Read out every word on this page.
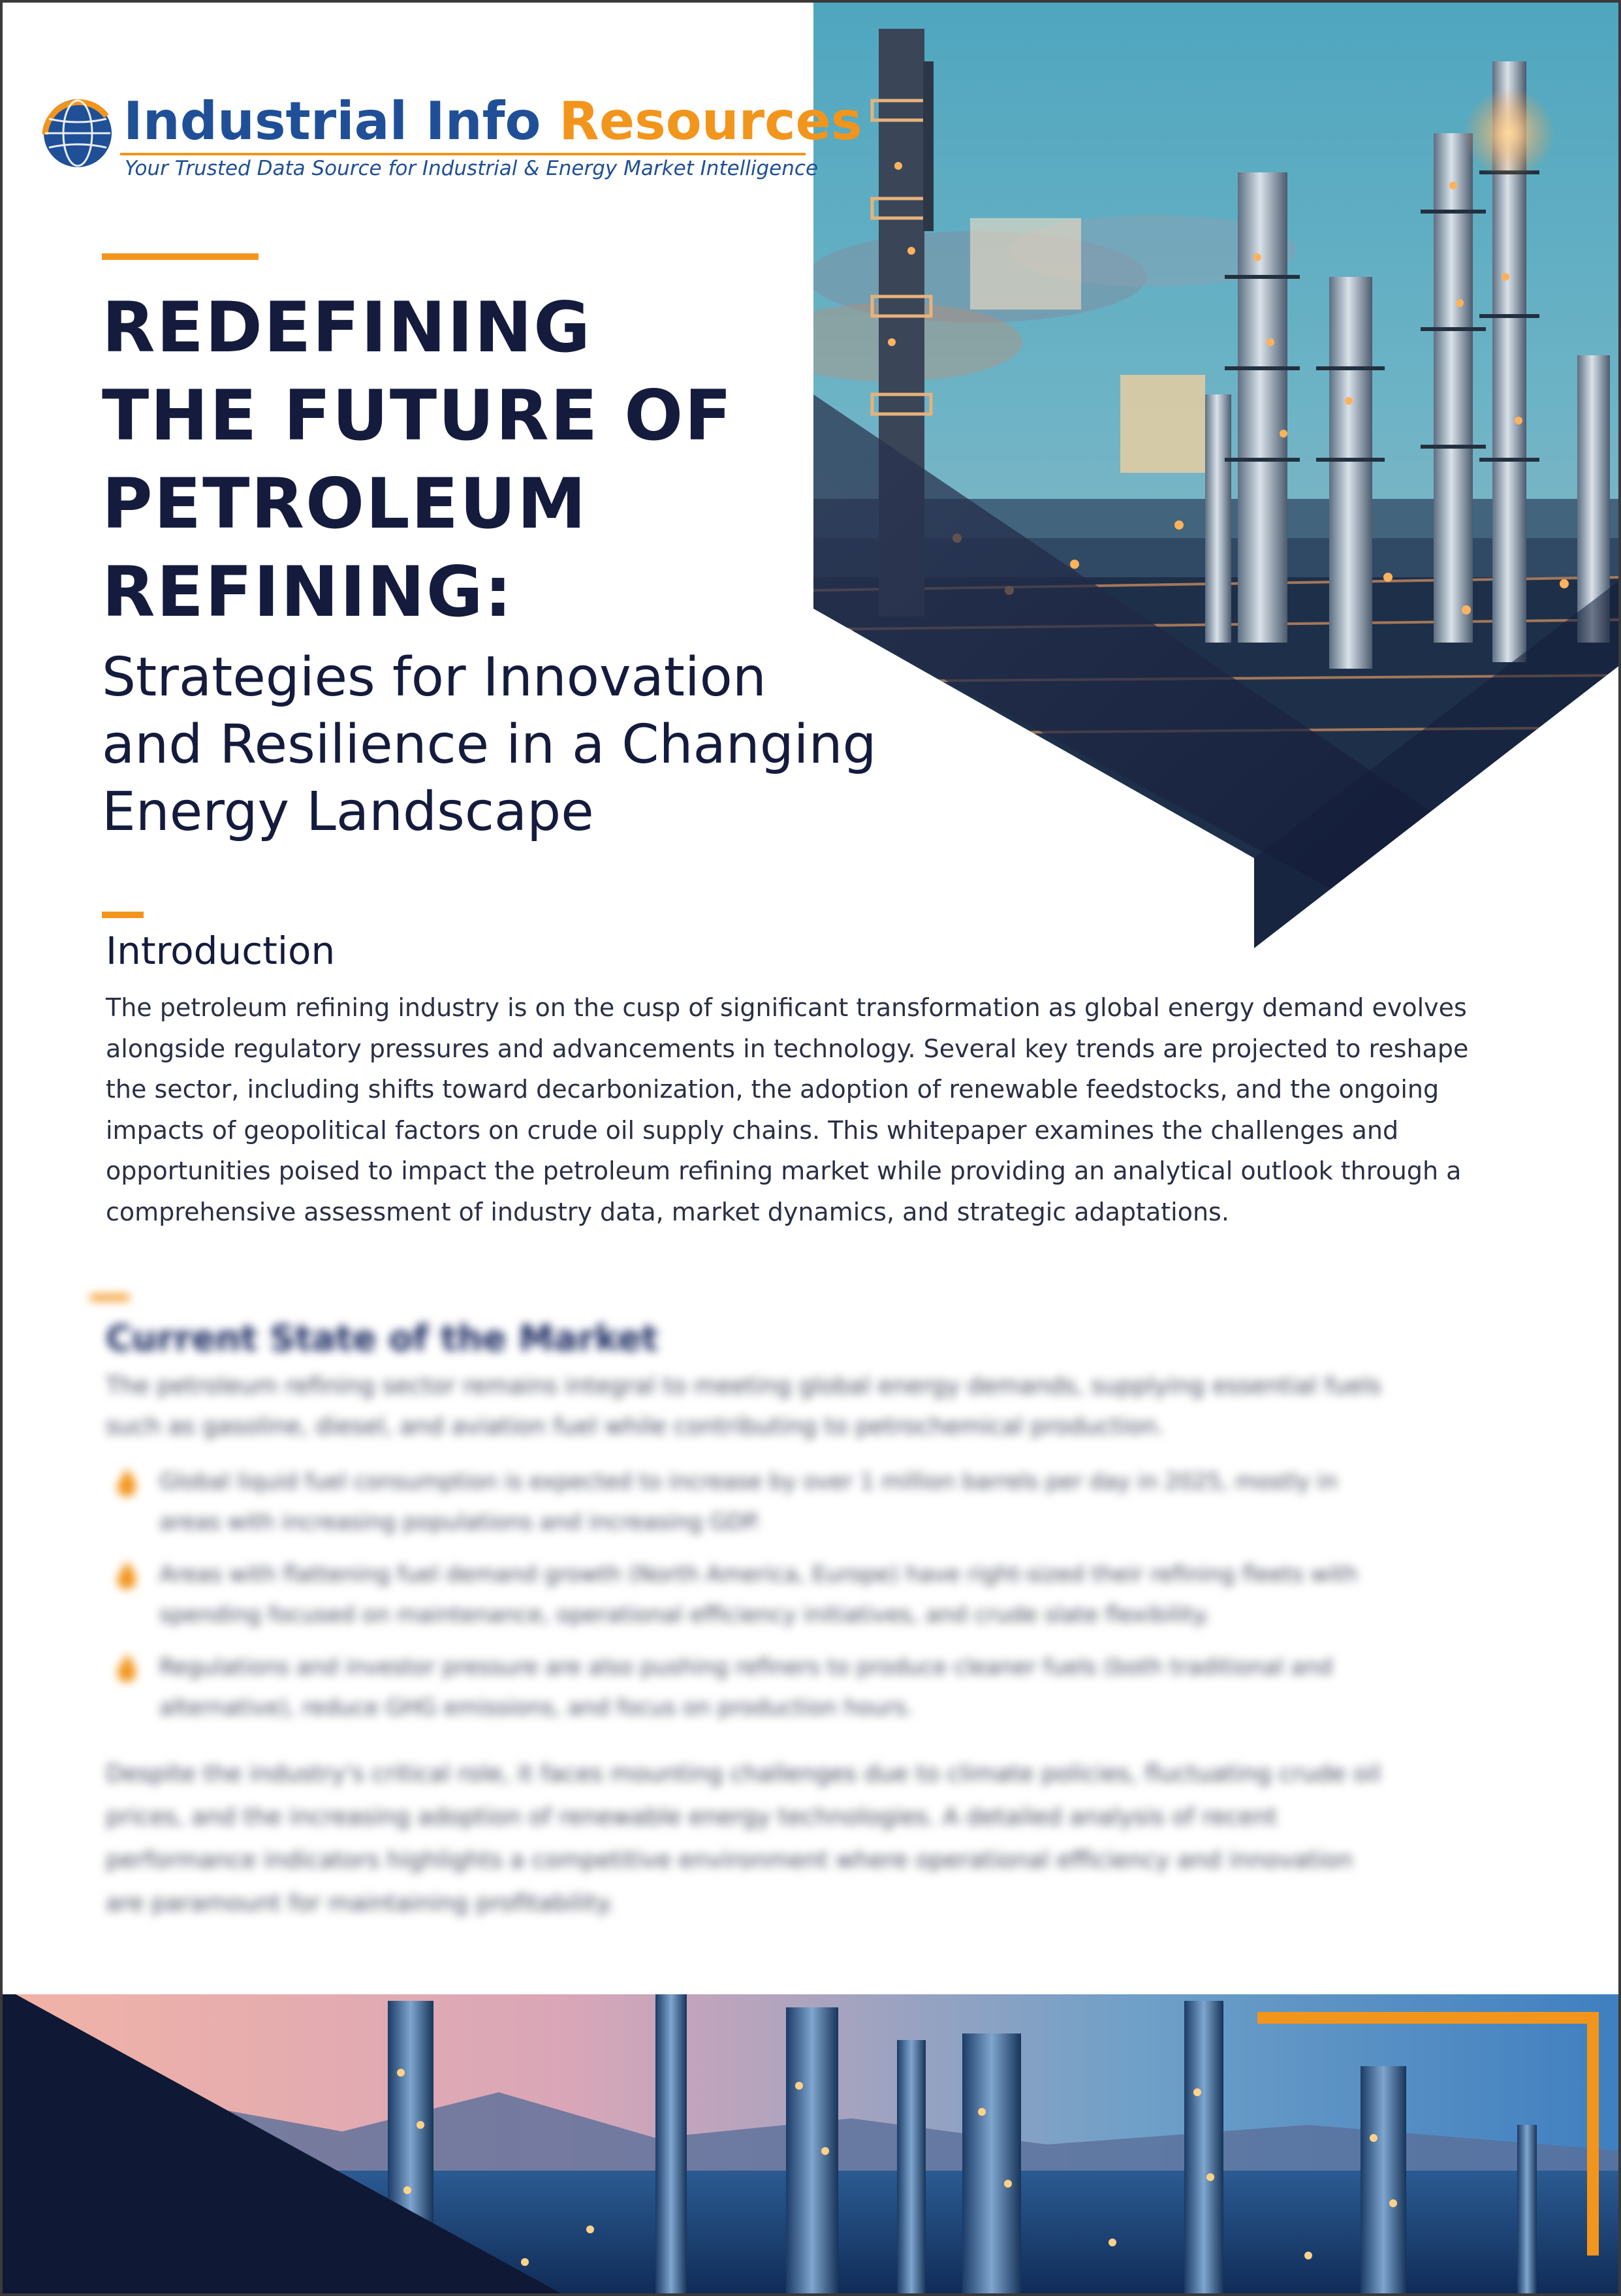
Industrial Info Resources
Your Trusted Data Source for Industrial & Energy Market Intelligence
REDEFINING
THE FUTURE OF
PETROLEUM
REFINING:
Strategies for Innovation
and Resilience in a Changing
Energy Landscape
Introduction

The petroleum refining industry is on the cusp of significant transformation as global energy demand evolves
alongside regulatory pressures and advancements in technology. Several key trends are projected to reshape
the sector, including shifts toward decarbonization, the adoption of renewable feedstocks, and the ongoing
impacts of geopolitical factors on crude oil supply chains. This whitepaper examines the challenges and
opportunities poised to impact the petroleum refining market while providing an analytical outlook through a
comprehensive assessment of industry data, market dynamics, and strategic adaptations.

Current State of the Market

The petroleum refining sector remains integral to meeting global energy demands, supplying essential fuels
such as gasoline, diesel, and aviation fuel while contributing to petrochemical production.

Global liquid fuel consumption is expected to increase by over 1 million barrels per day in 2025, mostly in
areas with increasing populations and increasing GDP.
Areas with flattening fuel demand growth (North America, Europe) have right-sized their refining fleets with
spending focused on maintenance, operational efficiency initiatives, and crude slate flexibility.
Regulations and investor pressure are also pushing refiners to produce cleaner fuels (both traditional and
alternative), reduce GHG emissions, and focus on production hours.

Despite the industry's critical role, it faces mounting challenges due to climate policies, fluctuating crude oil
prices, and the increasing adoption of renewable energy technologies. A detailed analysis of recent
performance indicators highlights a competitive environment where operational efficiency and innovation
are paramount for maintaining profitability.
